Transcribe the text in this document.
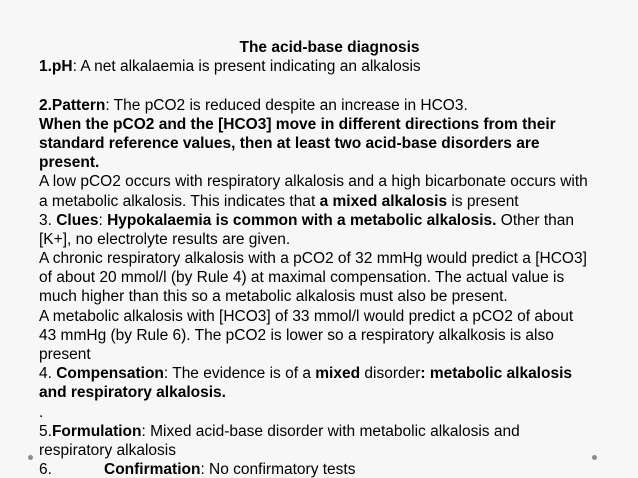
The acid-base diagnosis
1.pH: A net alkalaemia is present indicating an alkalosis
2.Pattern: The pCO2 is reduced despite an increase in HCO3.
When the pCO2 and the [HCO3] move in different directions from their
standard reference values, then at least two acid-base disorders are
present.
A low pCO2 occurs with respiratory alkalosis and a high bicarbonate occurs with
a metabolic alkalosis. This indicates that a mixed alkalosis is present
3. Clues: Hypokalaemia is common with a metabolic alkalosis. Other than
[K+], no electrolyte results are given.
A chronic respiratory alkalosis with a pCO2 of 32 mmHg would predict a [HCO3]
of about 20 mmol/l (by Rule 4) at maximal compensation. The actual value is
much higher than this so a metabolic alkalosis must also be present.
A metabolic alkalosis with [HCO3] of 33 mmol/l would predict a pCO2 of about
43 mmHg (by Rule 6). The pCO2 is lower so a respiratory alkalkosis is also
present
4. Compensation: The evidence is of a mixed disorder: metabolic alkalosis
and respiratory alkalosis.
.
5.Formulation: Mixed acid-base disorder with metabolic alkalosis and
respiratory alkalosis
6.	Confirmation: No confirmatory tests
